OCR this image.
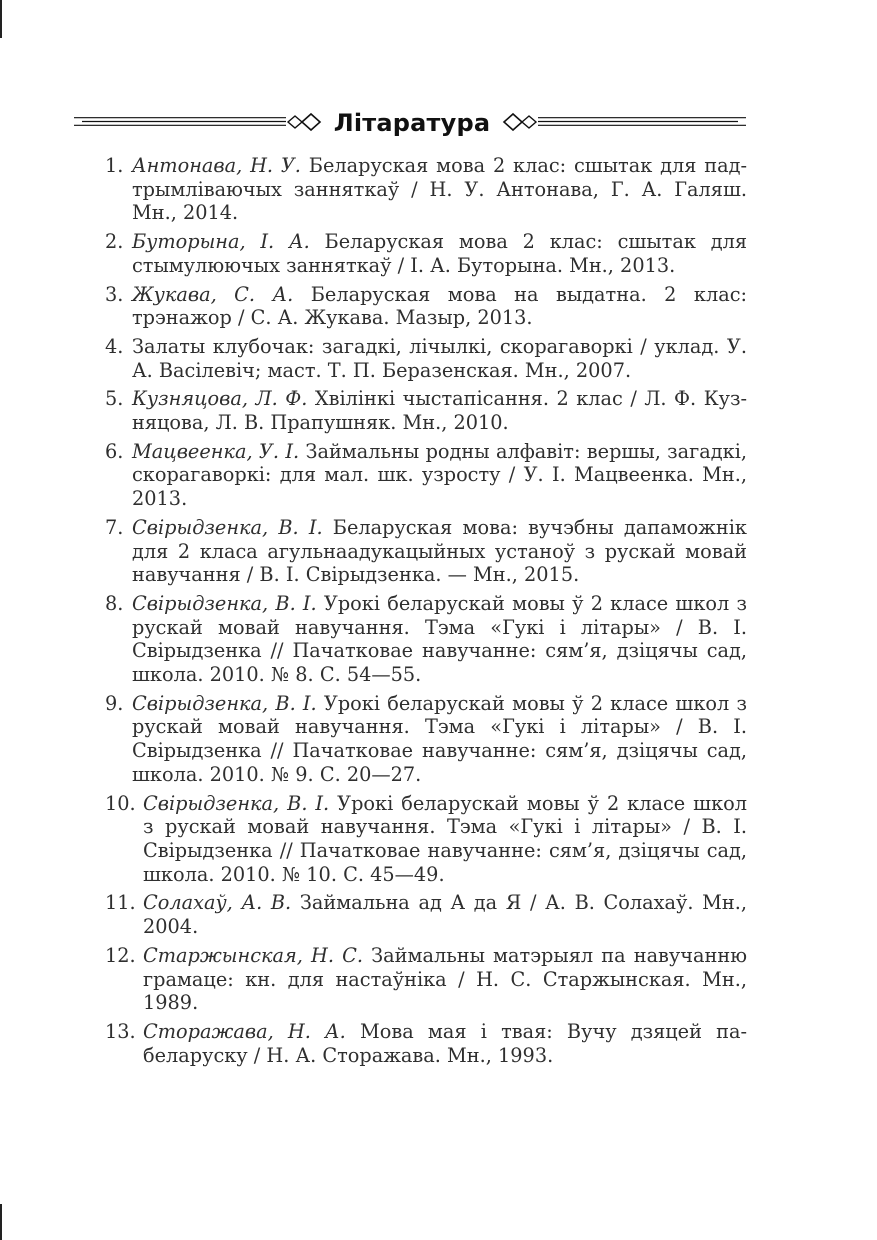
Літаратура
1. Антонава, Н. У. Беларуская мова 2 клас: сшытак для падтрымліваючых занняткаў / Н. У. Антонава, Г. А. Галяш. Мн., 2014.
2. Буторына, І. А. Беларуская мова 2 клас: сшытак для стымулюючых занняткаў / І. А. Буторына. Мн., 2013.
3. Жукава, С. А. Беларуская мова на выдатна. 2 клас: трэнажор / С. А. Жукава. Мазыр, 2013.
4. Залаты клубочак: загадкі, лічылкі, скорагаворкі / уклад. У. А. Васілевіч; маст. Т. П. Беразенская. Мн., 2007.
5. Кузняцова, Л. Ф. Хвілінкі чыстапісання. 2 клас / Л. Ф. Кузняцова, Л. В. Прапушняк. Мн., 2010.
6. Мацвеенка, У. І. Займальны родны алфавіт: вершы, загадкі, скорагаворкі: для мал. шк. узросту / У. І. Мацвеенка. Мн., 2013.
7. Свірыдзенка, В. І. Беларуская мова: вучэбны дапаможнік для 2 класа агульнаадукацыйных устаноў з рускай мовай навучання / В. І. Свірыдзенка. — Мн., 2015.
8. Свірыдзенка, В. І. Урокі беларускай мовы ў 2 класе школ з рускай мовай навучання. Тэма «Гукі і літары» / В. І. Свірыдзенка // Пачатковае навучанне: сям’я, дзіцячы сад, школа. 2010. № 8. С. 54—55.
9. Свірыдзенка, В. І. Урокі беларускай мовы ў 2 класе школ з рускай мовай навучання. Тэма «Гукі і літары» / В. І. Свірыдзенка // Пачатковае навучанне: сям’я, дзіцячы сад, школа. 2010. № 9. С. 20—27.
10. Свірыдзенка, В. І. Урокі беларускай мовы ў 2 класе школ з рускай мовай навучання. Тэма «Гукі і літары» / В. І. Свірыдзенка // Пачатковае навучанне: сям’я, дзіцячы сад, школа. 2010. № 10. С. 45—49.
11. Солахаў, А. В. Займальна ад А да Я / А. В. Солахаў. Мн., 2004.
12. Старжынская, Н. С. Займальны матэрыял па навучанню грамаце: кн. для настаўніка / Н. С. Старжынская. Мн., 1989.
13. Сторажава, Н. А. Мова мая і твая: Вучу дзяцей па-беларуску / Н. А. Сторажава. Мн., 1993.
